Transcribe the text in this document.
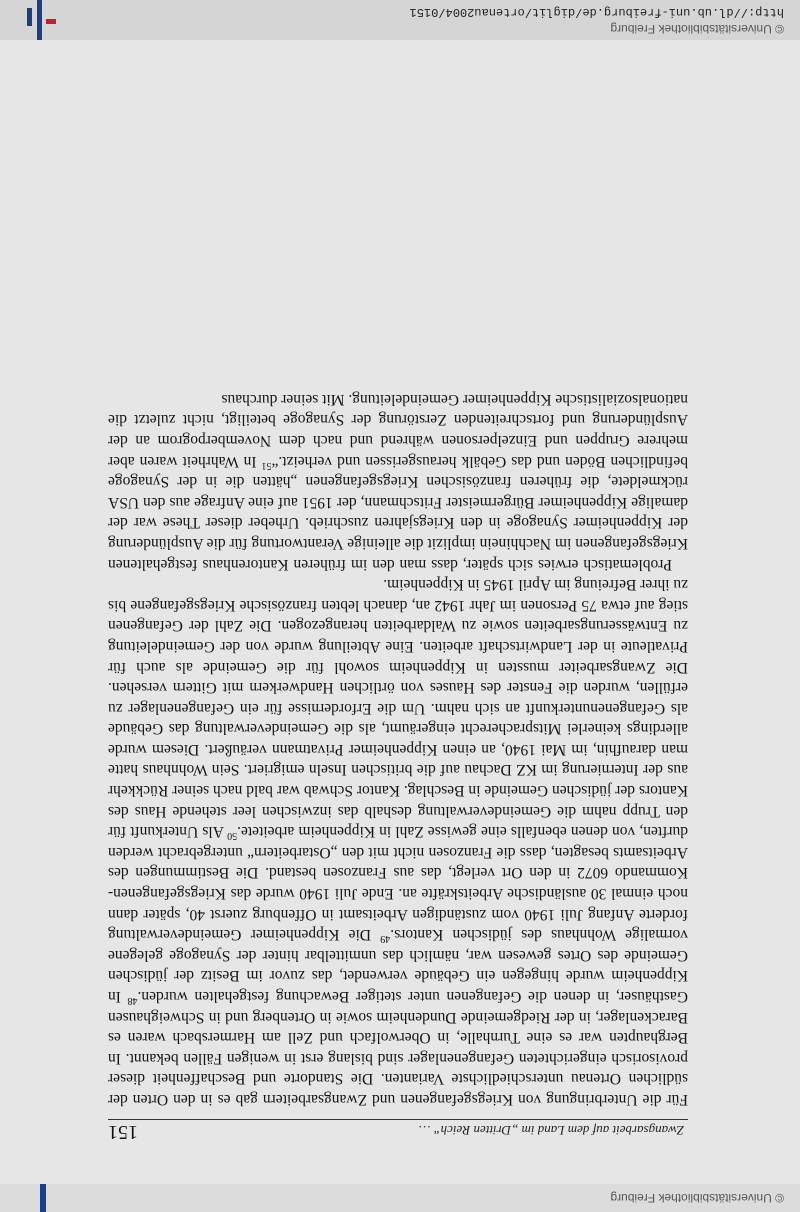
© Universitätsbibliothek Freiburg
Zwangsarbeit auf dem Land im „Dritten Reich“ …
151

Für die Unterbringung von Kriegsgefangenen und Zwangsarbeitern gab es in den Orten der südlichen Ortenau unterschiedlichste Varianten. Die Standorte und Beschaffenheit dieser provisorisch eingerichteten Gefangenenlager sind bislang erst in wenigen Fällen bekannt. In Berghaupten war es eine Turnhalle, in Oberwolfach und Zell am Harmersbach waren es Barackenlager, in der Riedgemeinde Dundenheim sowie in Ortenberg und in Schweighausen Gasthäuser, in denen die Gefangenen unter stetiger Bewachung festgehalten wurden.$^{48}$ In Kippenheim wurde hingegen ein Gebäude verwendet, das zuvor im Besitz der jüdischen Gemeinde des Ortes gewesen war, nämlich das unmittelbar hinter der Synagoge gelegene vormalige Wohnhaus des jüdischen Kantors.$^{49}$ Die Kippenheimer Gemeindeverwaltung forderte Anfang Juli 1940 vom zuständigen Arbeitsamt in Offenburg zuerst 40, später dann noch einmal 30 ausländische Arbeitskräfte an. Ende Juli 1940 wurde das Kriegsgefangenen-Kommando 6072 in den Ort verlegt, das aus Franzosen bestand. Die Bestimmungen des Arbeitsamts besagten, dass die Franzosen nicht mit den „Ostarbeitern“ untergebracht werden durften, von denen ebenfalls eine gewisse Zahl in Kippenheim arbeitete.$^{50}$ Als Unterkunft für den Trupp nahm die Gemeindeverwaltung deshalb das inzwischen leer stehende Haus des Kantors der jüdischen Gemeinde in Beschlag. Kantor Schwab war bald nach seiner Rückkehr aus der Internierung im KZ Dachau auf die britischen Inseln emigriert. Sein Wohnhaus hatte man daraufhin, im Mai 1940, an einen Kippenheimer Privatmann veräußert. Diesem wurde allerdings keinerlei Mitspracherecht eingeräumt, als die Gemeindeverwaltung das Gebäude als Gefangenenunterkunft an sich nahm. Um die Erfordernisse für ein Gefangenenlager zu erfüllen, wurden die Fenster des Hauses von örtlichen Handwerkern mit Gittern versehen. Die Zwangsarbeiter mussten in Kippenheim sowohl für die Gemeinde als auch für Privatleute in der Landwirtschaft arbeiten. Eine Abteilung wurde von der Gemeindeleitung zu Entwässerungsarbeiten sowie zu Waldarbeiten herangezogen. Die Zahl der Gefangenen stieg auf etwa 75 Personen im Jahr 1942 an, danach lebten französische Kriegsgefangene bis zu ihrer Befreiung im April 1945 in Kippenheim.

Problematisch erwies sich später, dass man den im früheren Kantorenhaus festgehaltenen Kriegsgefangenen im Nachhinein implizit die alleinige Verantwortung für die Ausplünderung der Kippenheimer Synagoge in den Kriegsjahren zuschrieb. Urheber dieser These war der damalige Kippenheimer Bürgermeister Fritschmann, der 1951 auf eine Anfrage aus den USA rückmeldete, die früheren französischen Kriegsgefangenen „hätten die in der Synagoge befindlichen Böden und das Gebälk herausgerissen und verheizt.“$^{51}$ In Wahrheit waren aber mehrere Gruppen und Einzelpersonen während und nach dem Novemberpogrom an der Ausplünderung und fortschreitenden Zerstörung der Synagoge beteiligt, nicht zuletzt die nationalsozialistische Kippenheimer Gemeindeleitung. Mit seiner durchaus

© Universitätsbibliothek Freiburg
http://dl.ub.uni-freiburg.de/diglit/ortenau2004/0151
